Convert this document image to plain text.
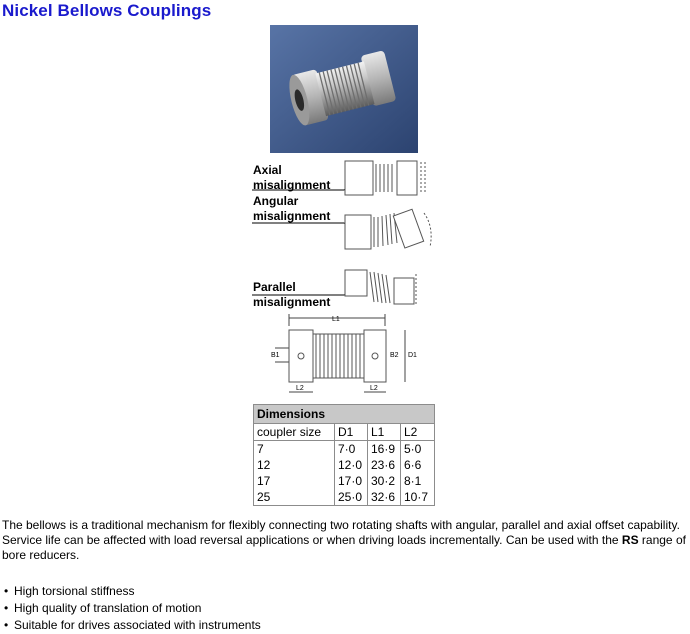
Nickel Bellows Couplings
Axial
misalignment
Angular
misalignment
Parallel
misalignment
L1
B1	B2 D1
L2	L2
Dimensions			
coupler size	D1	L1	L2
7	7·0	16·9	5·0
12	12·0	23·6	6·6
17	17·0	30·2	8·1
25	25·0	32·6	10·7

The bellows is a traditional mechanism for flexibly connecting two rotating shafts with angular, parallel and axial offset capability.

Service life can be affected with load reversal applications or when driving loads incrementally. Can be used with the RS range of bore reducers.

• High torsional stiffness
• High quality of translation of motion
• Suitable for drives associated with instruments
